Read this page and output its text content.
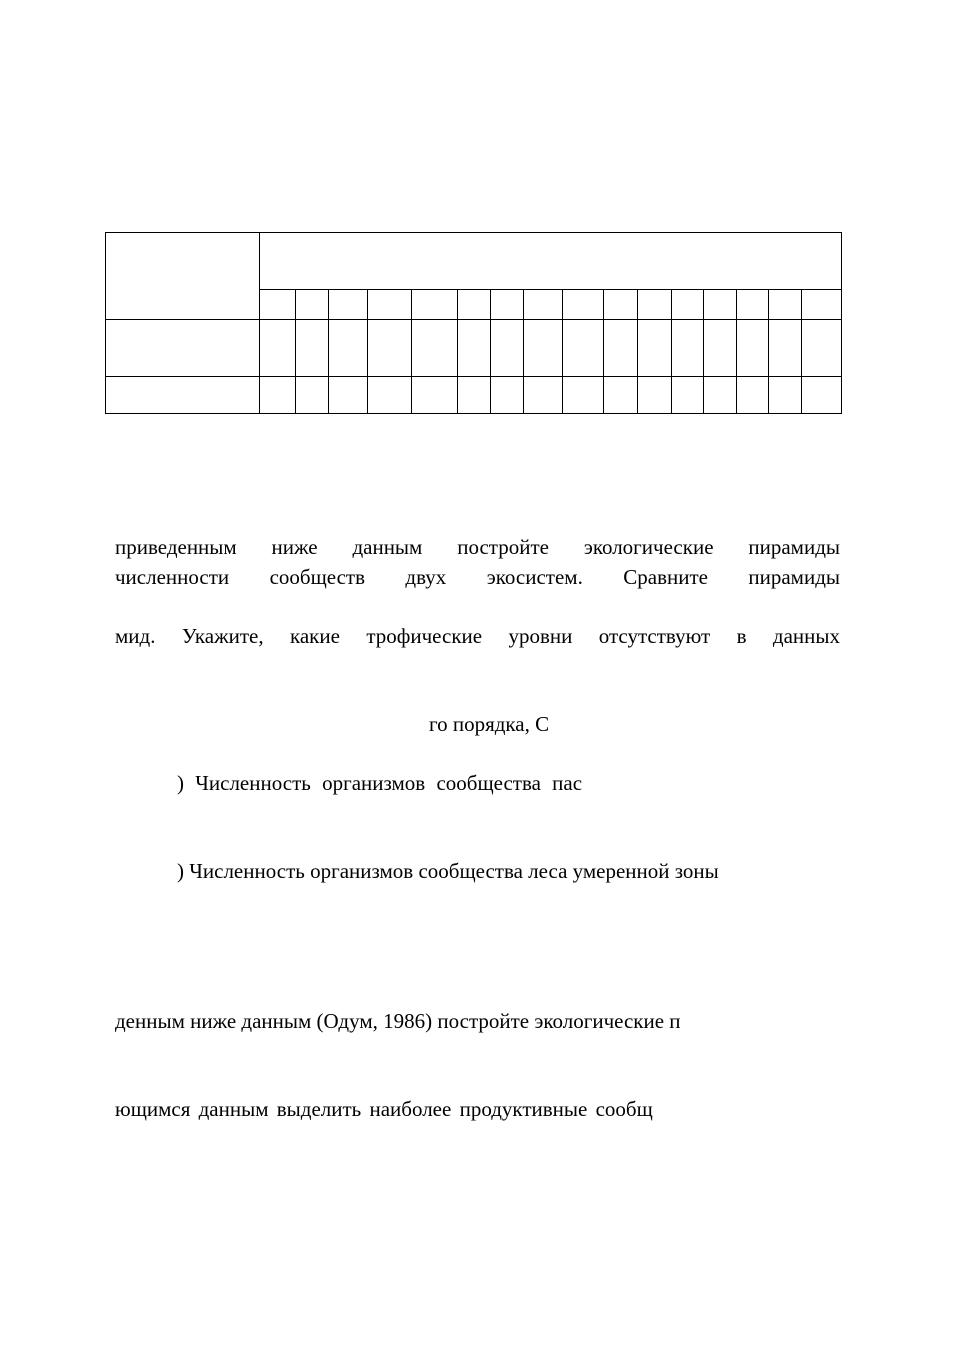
приведенным ниже данным постройте экологические пирамиды
численности сообществ двух экосистем. Сравните пирамиды
мид. Укажите, какие трофические уровни отсутствуют в данных
го порядка, С
) Численность организмов сообщества пас
) Численность организмов сообщества леса умеренной зоны
денным ниже данным (Одум, 1986) постройте экологические п
ющимся данным выделить наиболее продуктивные сообщ
